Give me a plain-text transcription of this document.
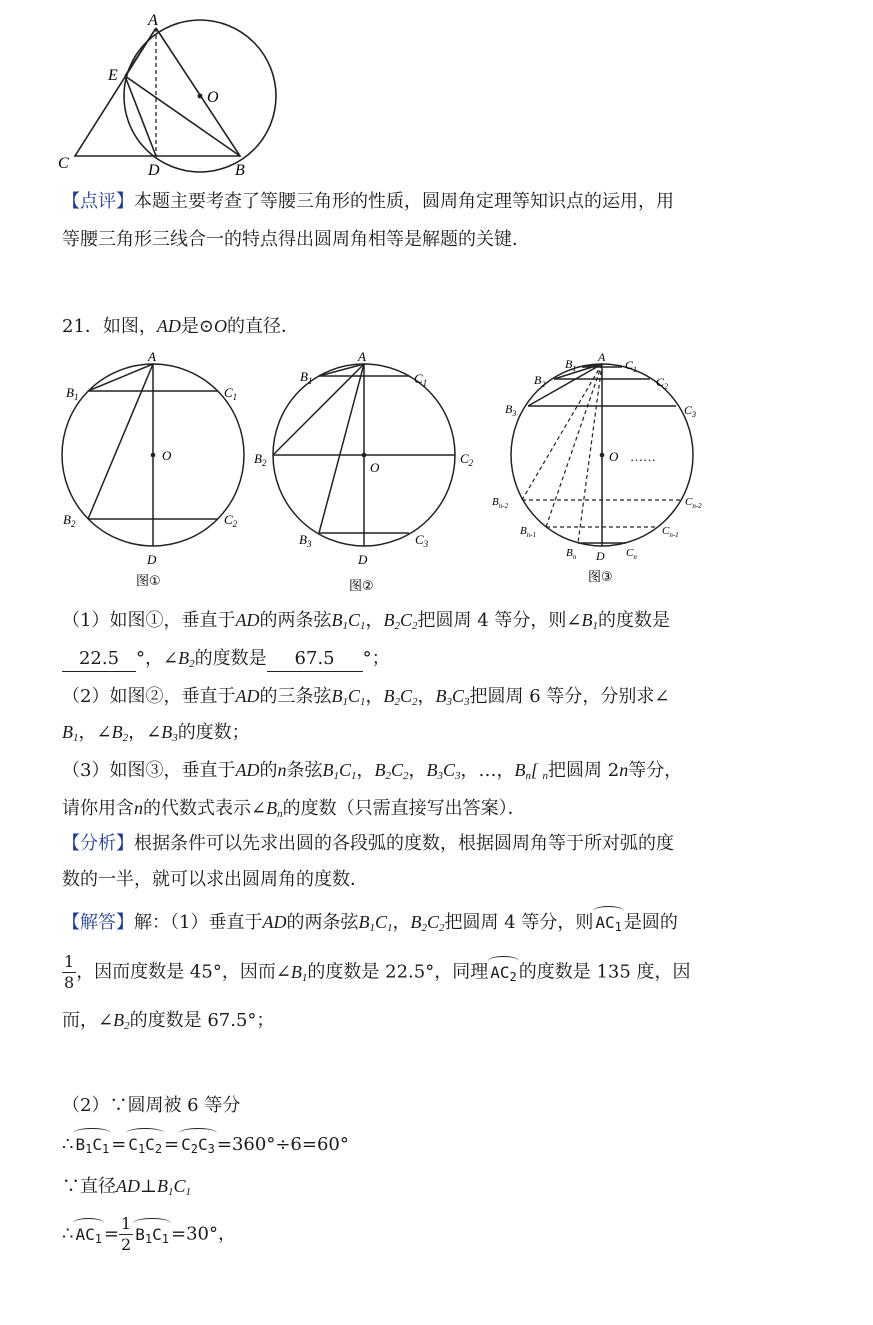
A
E
O
C	D	B
【点评】本题主要考查了等腰三角形的性质，圆周角定理等知识点的运用，用
等腰三角形三线合一的特点得出圆周角相等是解题的关键．
21．如图，AD是⊙O的直径．
A
O
$B_1$	$C_1$
$B_2$	$C_2$
D
图①
A
O
$B_1$	$C_1$
$B_2$	$C_2$
$B_3$	$C_3$
D
图②
A
O ……
$B_1$	$C_1$
$B_2$	$C_2$
$B_3$	$C_3$
$B_{n-2}$	$C_{n-2}$
$B_{n-1}$	$C_{n-1}$
$B_n$ D $C_n$
图③
（1）如图①，垂直于AD的两条弦$B_1C_1$，$B_2C_2$把圆周 4 等分，则$\angle B_1$的度数是
22.5 °，$\angle B_2$的度数是 67.5 °；
（2）如图②，垂直于AD的三条弦$B_1C_1$，$B_2C_2$，$B_3C_3$把圆周 6 等分，分别求∠
$B_1$，$\angle B_2$，$\angle B_3$的度数；
（3）如图③，垂直于AD的n条弦$B_1C_1$，$B_2C_2$，$B_3C_3$，…，$B_n$[ $_n$把圆周 2n等分，
请你用含n的代数式表示$\angle B_n$的度数（只需直接写出答案）．
【分析】根据条件可以先求出圆的各段弧的度数，根据圆周角等于所对弧的度
数的一半，就可以求出圆周角的度数．
【解答】解：（1）垂直于AD的两条弦$B_1C_1$，$B_2C_2$把圆周 4 等分，则 $AC_1$ 是圆的
$\frac{1}{8}$ ，因而度数是 45°，因而$\angle B_1$的度数是 22.5°，同理 $AC_2$ 的度数是 135 度，因
而，$\angle B_2$的度数是 67.5°；
（2）∵圆周被 6 等分
∴ $B_1C_1 = C_1C_2 = C_2C_3 =360^\circ\div 6=60^\circ$
∵直径$AD\perp B_1C_1$
∴ $AC_1 = \frac{1}{2} B_1C_1 =30^\circ$，
